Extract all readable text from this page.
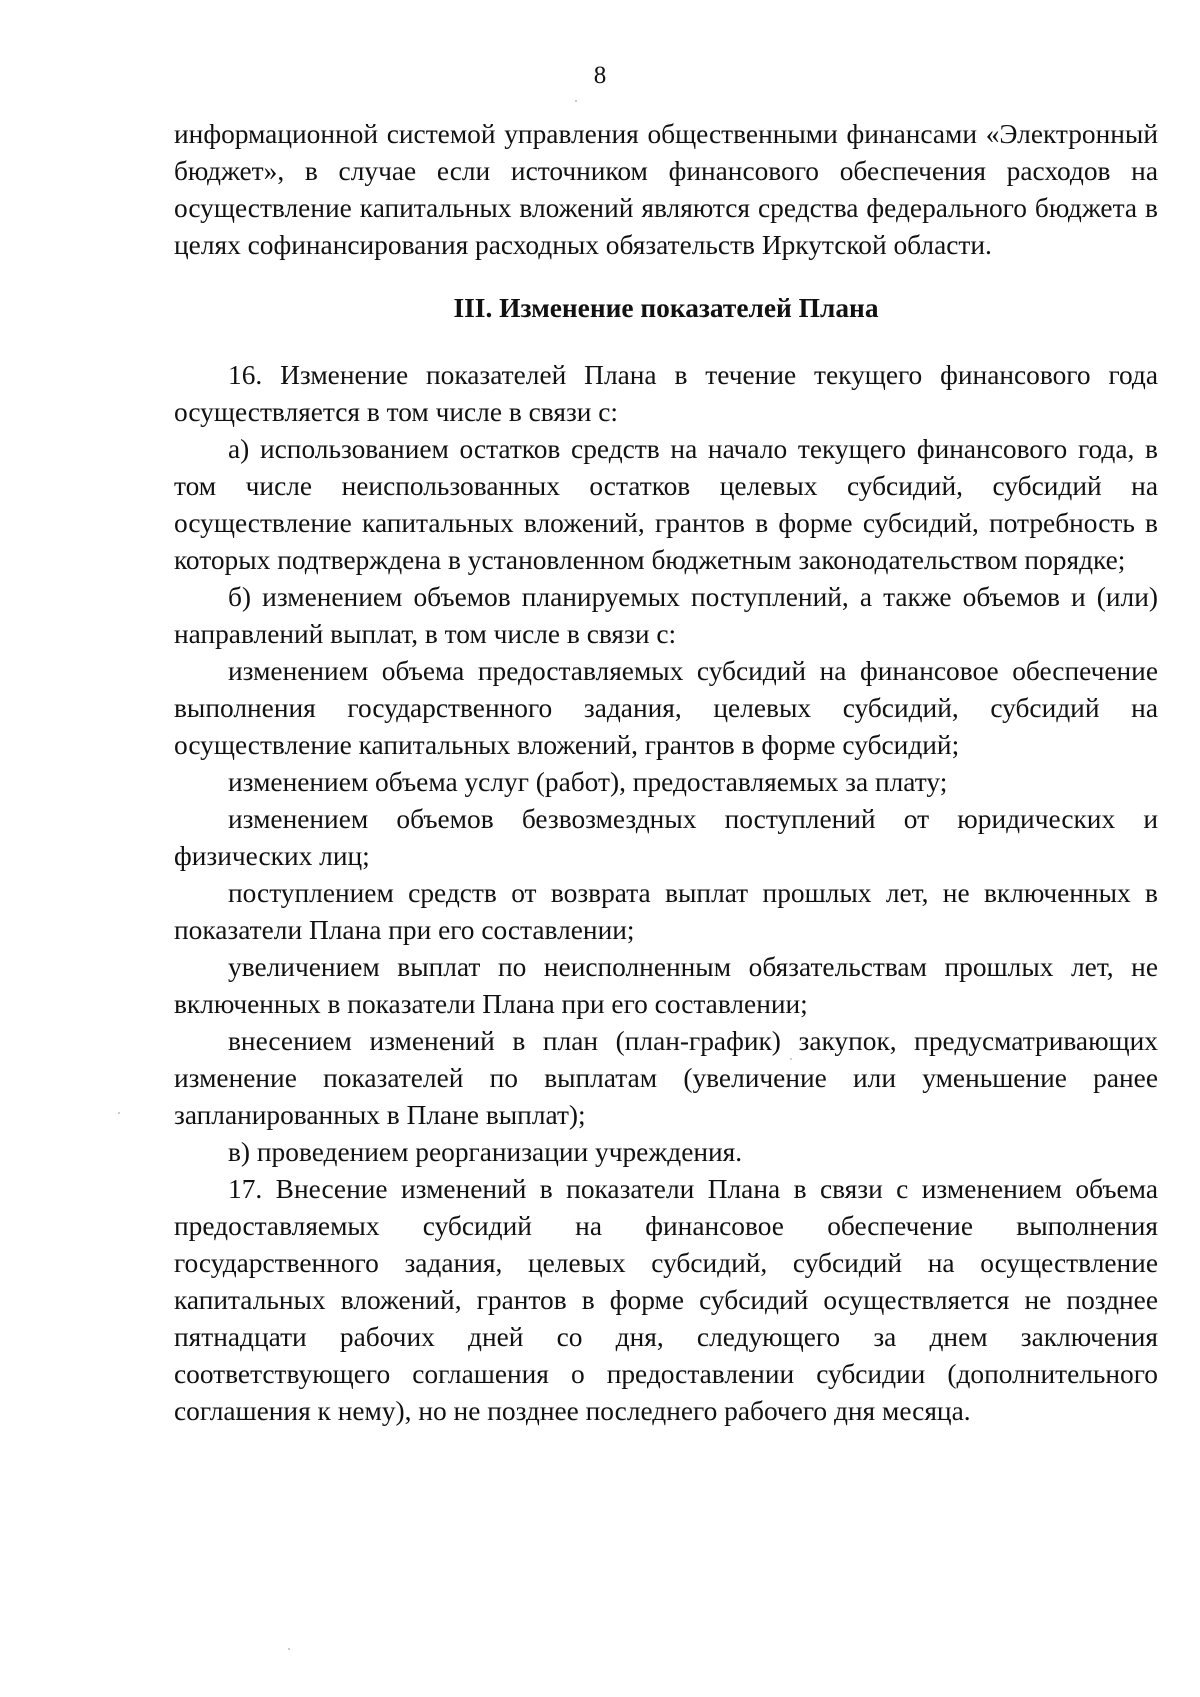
8

информационной системой управления общественными финансами «Электронный бюджет», в случае если источником финансового обеспечения расходов на осуществление капитальных вложений являются средства федерального бюджета в целях софинансирования расходных обязательств Иркутской области.

III. Изменение показателей Плана

16. Изменение показателей Плана в течение текущего финансового года осуществляется в том числе в связи с:

а) использованием остатков средств на начало текущего финансового года, в том числе неиспользованных остатков целевых субсидий, субсидий на осуществление капитальных вложений, грантов в форме субсидий, потребность в которых подтверждена в установленном бюджетным законодательством порядке;

б) изменением объемов планируемых поступлений, а также объемов и (или) направлений выплат, в том числе в связи с:

изменением объема предоставляемых субсидий на финансовое обеспечение выполнения государственного задания, целевых субсидий, субсидий на осуществление капитальных вложений, грантов в форме субсидий;

изменением объема услуг (работ), предоставляемых за плату;

изменением объемов безвозмездных поступлений от юридических и физических лиц;

поступлением средств от возврата выплат прошлых лет, не включенных в показатели Плана при его составлении;

увеличением выплат по неисполненным обязательствам прошлых лет, не включенных в показатели Плана при его составлении;

внесением изменений в план (план-график) закупок, предусматривающих изменение показателей по выплатам (увеличение или уменьшение ранее запланированных в Плане выплат);

в) проведением реорганизации учреждения.

17. Внесение изменений в показатели Плана в связи с изменением объема предоставляемых субсидий на финансовое обеспечение выполнения государственного задания, целевых субсидий, субсидий на осуществление капитальных вложений, грантов в форме субсидий осуществляется не позднее пятнадцати рабочих дней со дня, следующего за днем заключения соответствующего соглашения о предоставлении субсидии (дополнительного соглашения к нему), но не позднее последнего рабочего дня месяца.
